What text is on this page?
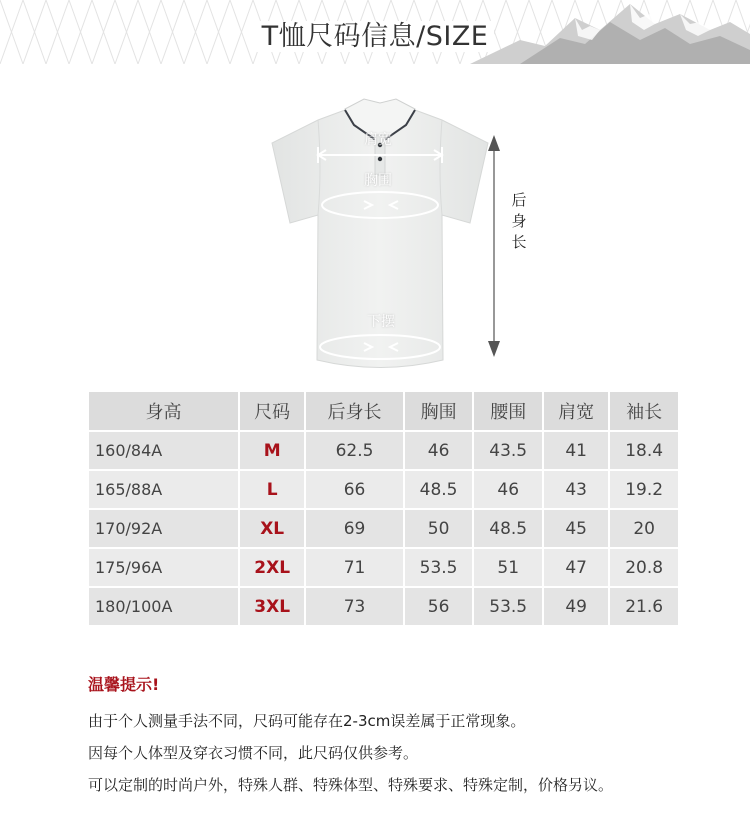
T恤尺码信息/SIZE
肩宽
胸围
下摆
后
身
长
身高	尺码	后身长	胸围	腰围	肩宽	袖长
160/84A	M	62.5	46	43.5	41	18.4
165/88A	L	66	48.5	46	43	19.2
170/92A	XL	69	50	48.5	45	20
175/96A	2XL	71	53.5	51	47	20.8
180/100A	3XL	73	56	53.5	49	21.6
温馨提示!
由于个人测量手法不同，尺码可能存在2-3cm误差属于正常现象。
因每个人体型及穿衣习惯不同，此尺码仅供参考。
可以定制的时尚户外，特殊人群、特殊体型、特殊要求、特殊定制，价格另议。
